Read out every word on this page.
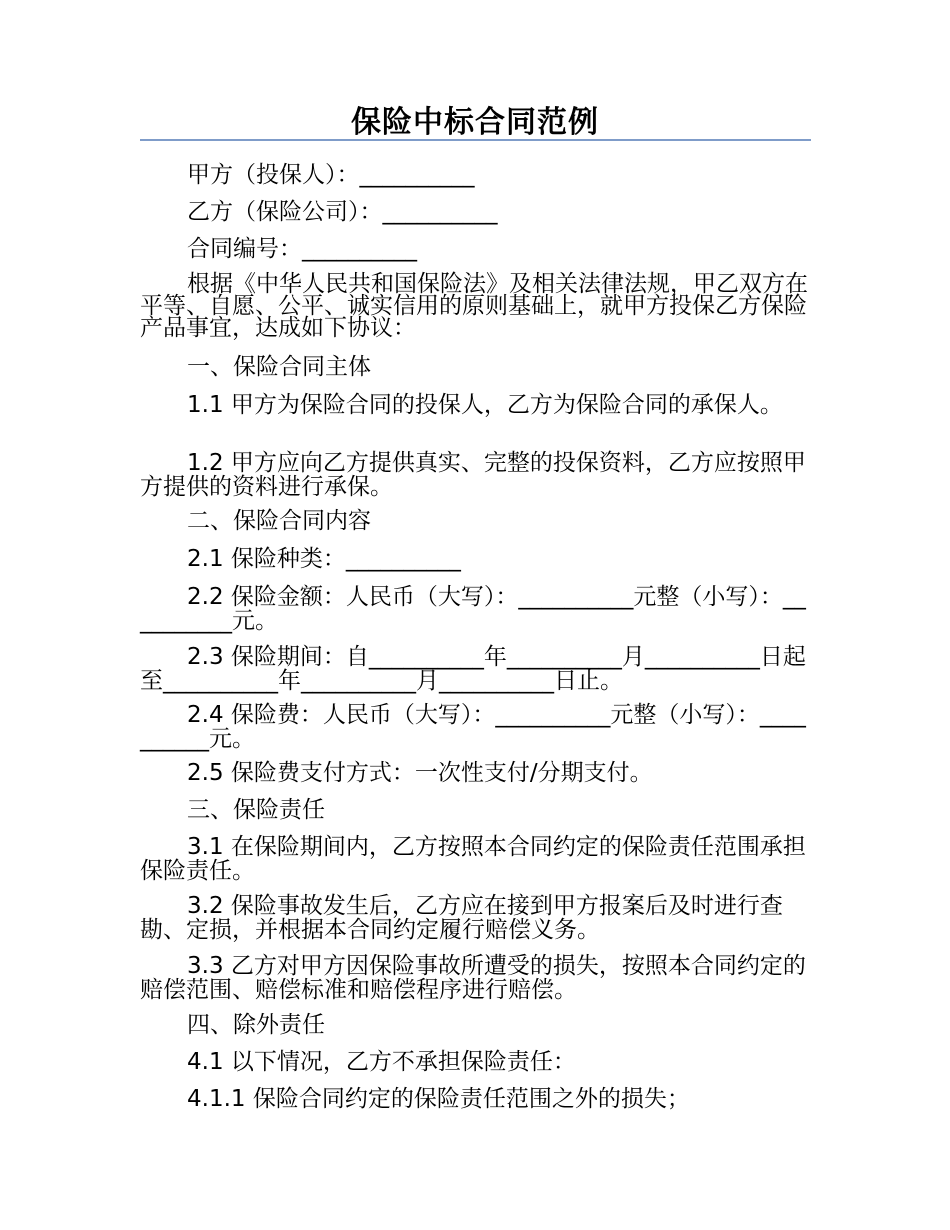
保险中标合同范例
甲方（投保人）：__________
乙方（保险公司）：__________
合同编号：__________
根据《中华人民共和国保险法》及相关法律法规，甲乙双方在平等、自愿、公平、诚实信用的原则基础上，就甲方投保乙方保险产品事宜，达成如下协议：
一、保险合同主体
1.1 甲方为保险合同的投保人，乙方为保险合同的承保人。
1.2 甲方应向乙方提供真实、完整的投保资料，乙方应按照甲方提供的资料进行承保。
二、保险合同内容
2.1 保险种类：__________
2.2 保险金额：人民币（大写）：__________元整（小写）：__________元。
2.3 保险期间：自__________年__________月__________日起至__________年__________月__________日止。
2.4 保险费：人民币（大写）：__________元整（小写）：__________元。
2.5 保险费支付方式：一次性支付/分期支付。
三、保险责任
3.1 在保险期间内，乙方按照本合同约定的保险责任范围承担保险责任。
3.2 保险事故发生后，乙方应在接到甲方报案后及时进行查勘、定损，并根据本合同约定履行赔偿义务。
3.3 乙方对甲方因保险事故所遭受的损失，按照本合同约定的赔偿范围、赔偿标准和赔偿程序进行赔偿。
四、除外责任
4.1 以下情况，乙方不承担保险责任：
4.1.1 保险合同约定的保险责任范围之外的损失；
